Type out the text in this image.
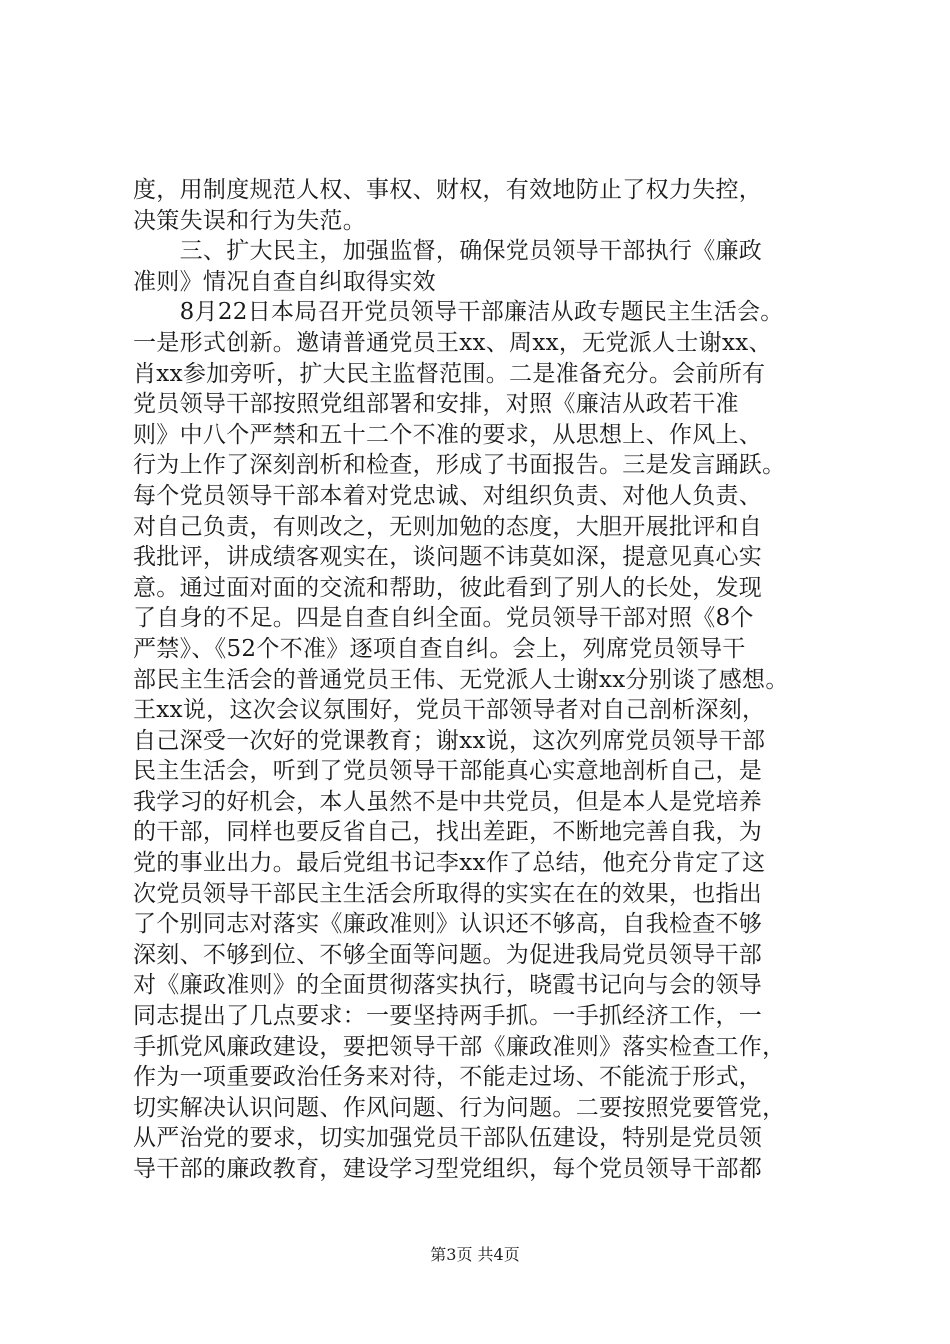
度，用制度规范人权、事权、财权，有效地防止了权力失控，
决策失误和行为失范。
　　三、扩大民主，加强监督，确保党员领导干部执行《廉政
准则》情况自查自纠取得实效
　　8月22日本局召开党员领导干部廉洁从政专题民主生活会。
一是形式创新。邀请普通党员王xx、周xx，无党派人士谢xx、
肖xx参加旁听，扩大民主监督范围。二是准备充分。会前所有
党员领导干部按照党组部署和安排，对照《廉洁从政若干准
则》中八个严禁和五十二个不准的要求，从思想上、作风上、
行为上作了深刻剖析和检查，形成了书面报告。三是发言踊跃。
每个党员领导干部本着对党忠诚、对组织负责、对他人负责、
对自己负责，有则改之，无则加勉的态度，大胆开展批评和自
我批评，讲成绩客观实在，谈问题不讳莫如深，提意见真心实
意。通过面对面的交流和帮助，彼此看到了别人的长处，发现
了自身的不足。四是自查自纠全面。党员领导干部对照《8个
严禁》、《52个不准》逐项自查自纠。会上，列席党员领导干
部民主生活会的普通党员王伟、无党派人士谢xx分别谈了感想。
王xx说，这次会议氛围好，党员干部领导者对自己剖析深刻，
自己深受一次好的党课教育；谢xx说，这次列席党员领导干部
民主生活会，听到了党员领导干部能真心实意地剖析自己，是
我学习的好机会，本人虽然不是中共党员，但是本人是党培养
的干部，同样也要反省自己，找出差距，不断地完善自我，为
党的事业出力。最后党组书记李xx作了总结，他充分肯定了这
次党员领导干部民主生活会所取得的实实在在的效果，也指出
了个别同志对落实《廉政准则》认识还不够高，自我检查不够
深刻、不够到位、不够全面等问题。为促进我局党员领导干部
对《廉政准则》的全面贯彻落实执行，晓霞书记向与会的领导
同志提出了几点要求：一要坚持两手抓。一手抓经济工作，一
手抓党风廉政建设，要把领导干部《廉政准则》落实检查工作，
作为一项重要政治任务来对待，不能走过场、不能流于形式，
切实解决认识问题、作风问题、行为问题。二要按照党要管党，
从严治党的要求，切实加强党员干部队伍建设，特别是党员领
导干部的廉政教育，建设学习型党组织，每个党员领导干部都
第3页 共4页
